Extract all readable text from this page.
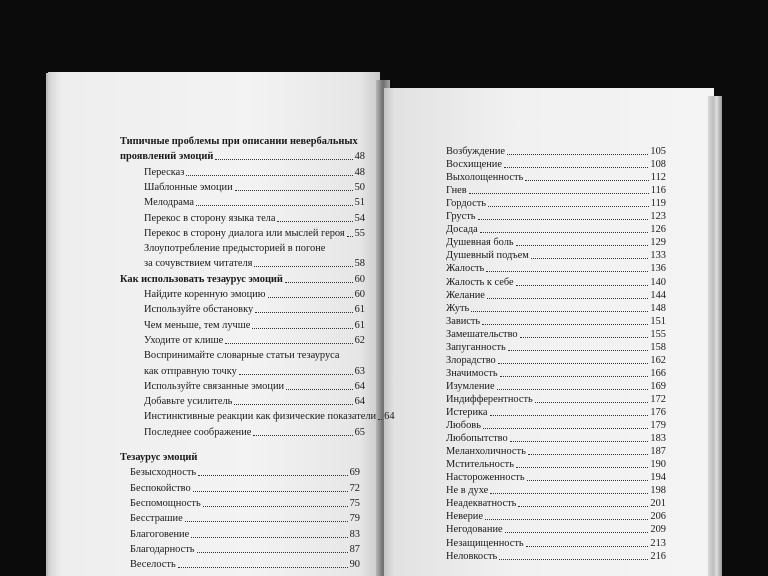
Типичные проблемы при описании невербальных
проявлений эмоций	48
Пересказ	48
Шаблонные эмоции	50
Мелодрама	51
Перекос в сторону языка тела	54
Перекос в сторону диалога или мыслей героя 55
Злоупотребление предысторией в погоне
за сочувствием читателя	58
Как использовать тезаурус эмоций	60
Найдите коренную эмоцию	60
Используйте обстановку	61
Чем меньше, тем лучше	61
Уходите от клише	62
Воспринимайте словарные статьи тезауруса
как отправную точку	63
Используйте связанные эмоции	64
Добавьте усилитель	64
Инстинктивные реакции как физические показатели 64
Последнее соображение	65
Тезаурус эмоций
Безысходность	69
Беспокойство	72
Беспомощность	75
Бесстрашие	79
Благоговение	83
Благодарность	87
Веселость	90
Возбуждение	105
Восхищение	108
Выхолощенность	112
Гнев	116
Гордость	119
Грусть	123
Досада	126
Душевная боль	129
Душевный подъем	133
Жалость	136
Жалость к себе	140
Желание	144
Жуть	148
Зависть	151
Замешательство	155
Запуганность	158
Злорадство	162
Значимость	166
Изумление	169
Индифферентность	172
Истерика	176
Любовь	179
Любопытство	183
Меланхоличность	187
Мстительность	190
Настороженность	194
Не в духе	198
Неадекватность	201
Неверие	206
Негодование	209
Незащищенность	213
Неловкость	216
